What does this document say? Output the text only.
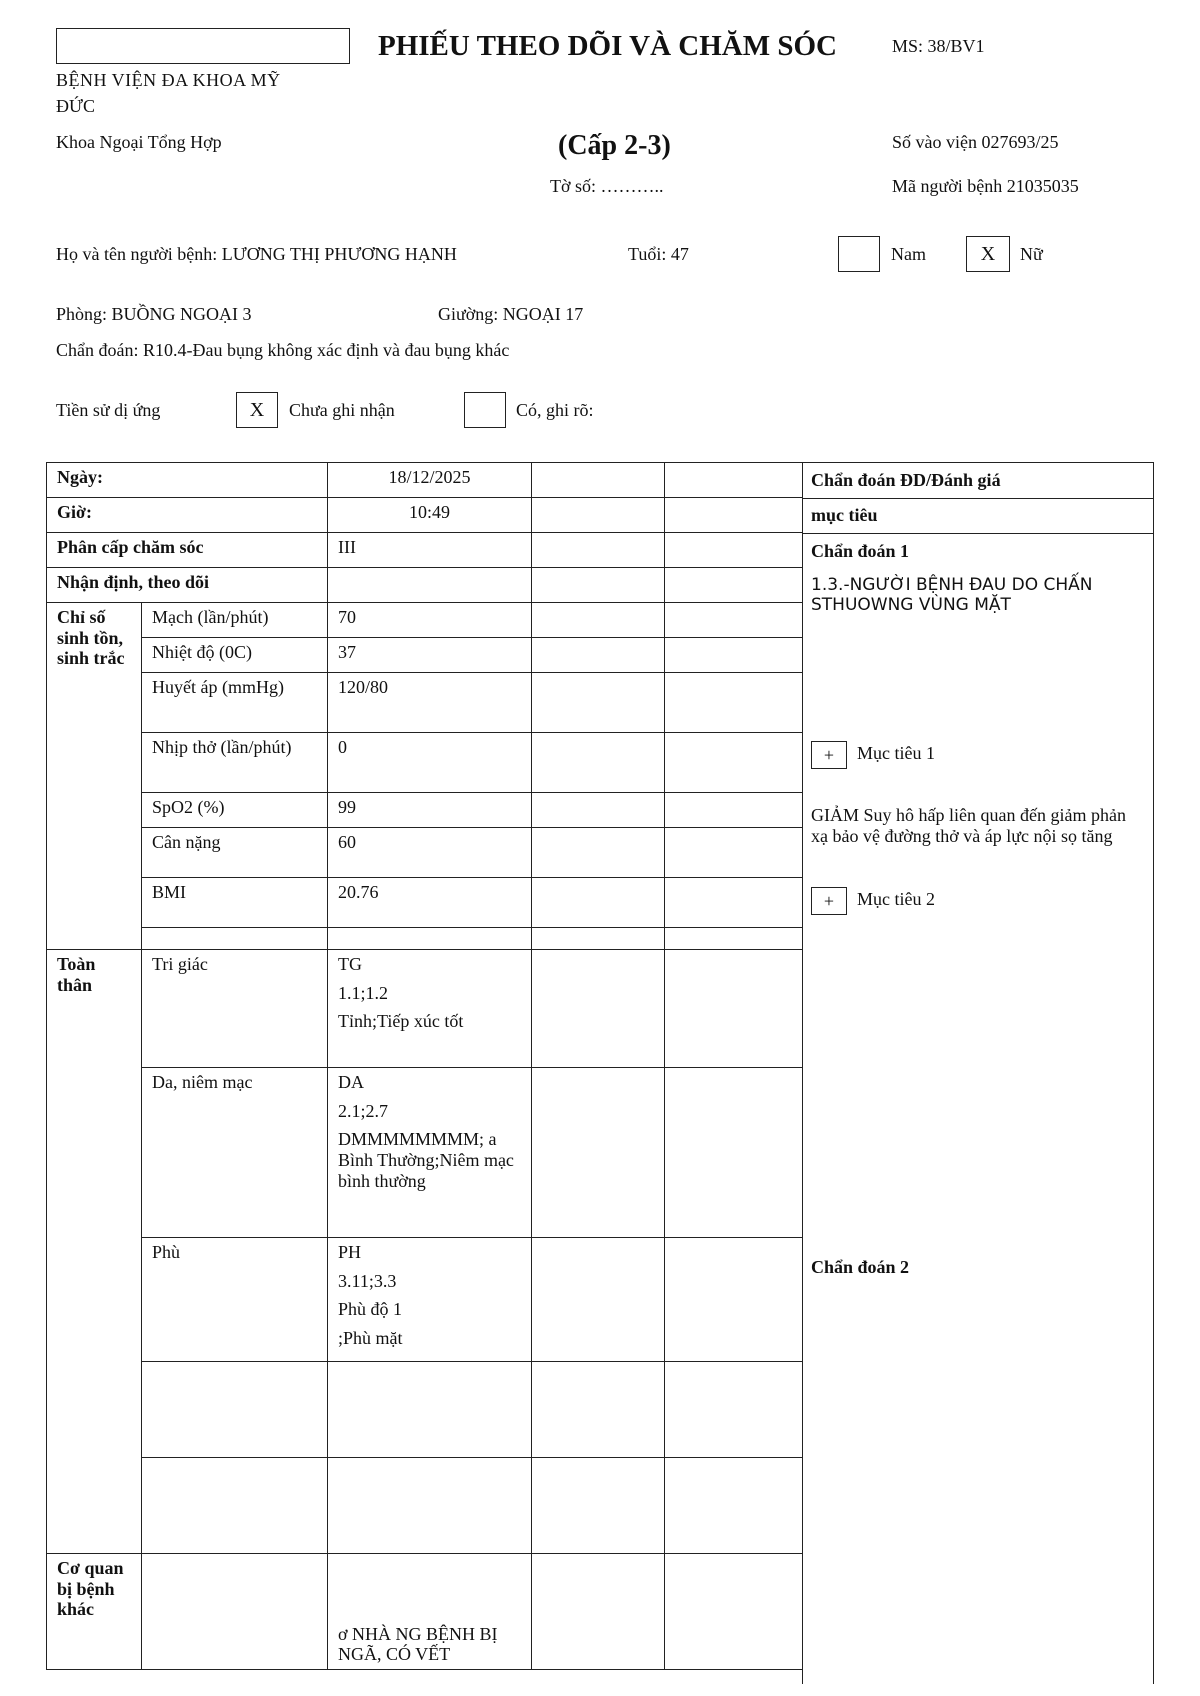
PHIẾU THEO DÕI VÀ CHĂM SÓC	MS: 38/BV1
BỆNH VIỆN ĐA KHOA MỸ
ĐỨC
Khoa Ngoại Tổng Hợp	(Cấp 2-3)	Số vào viện 027693/25
Tờ số: ………..	Mã người bệnh 21035035
Họ và tên người bệnh: LƯƠNG THỊ PHƯƠNG HẠNH	Tuổi: 47	Nam	X	Nữ
Phòng: BUỒNG NGOẠI 3	Giường: NGOẠI 17
Chẩn đoán: R10.4-Đau bụng không xác định và đau bụng khác
Tiền sử dị ứng	X	Chưa ghi nhận	Có, ghi rõ:
Ngày:		18/12/2025		
Giờ:		10:49		
Phân cấp chăm sóc		III		
Nhận định, theo dõi				
Chỉ số sinh tồn, sinh trắc	Mạch (lần/phút)	70		
	Nhiệt độ (0C)	37		
	Huyết áp (mmHg)	120/80		
	Nhịp thở (lần/phút)	0		
	SpO2 (%)	99		
	Cân nặng	60		
	BMI	20.76		

Toàn thân	Tri giác	TG
1.1;1.2
Tỉnh;Tiếp xúc tốt		

	Da, niêm mạc	DA
2.1;2.7
DMMMMMMMM; a Bình Thường;Niêm mạc bình thường		

	Phù	PH
3.11;3.3
Phù độ 1
;Phù mặt		

Cơ quan bị bệnh khác		ơ NHÀ NG BỆNH BỊ NGÃ, CÓ VẾT		
Chẩn đoán ĐD/Đánh giá
mục tiêu
Chẩn đoán 1
1.3.-NGƯỜI BỆNH ĐAU DO CHẤN STHUOWNG VÙNG MẶT
+ Mục tiêu 1
GIẢM Suy hô hấp liên quan đến giảm phản xạ bảo vệ đường thở và áp lực nội sọ tăng
+ Mục tiêu 2
Chẩn đoán 2
